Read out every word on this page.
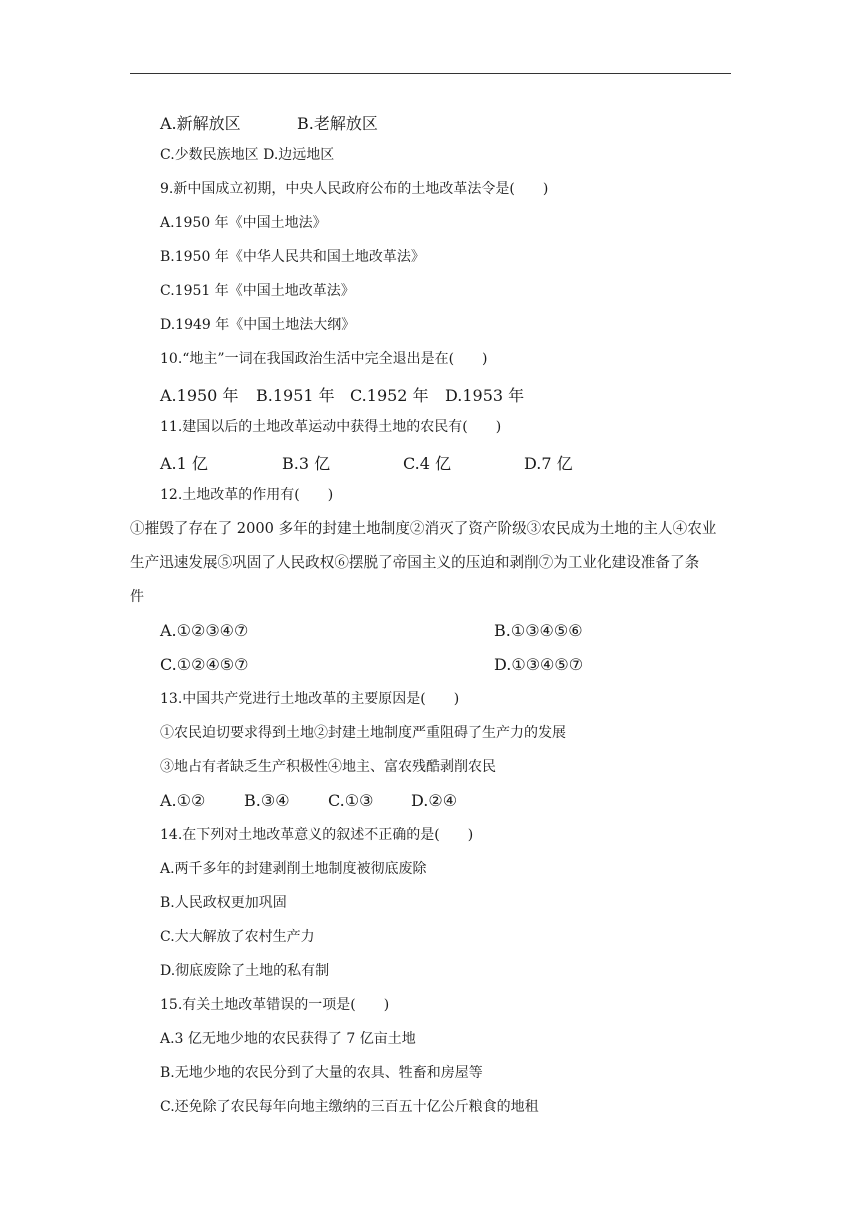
A.新解放区	B.老解放区
C.少数民族地区 D.边远地区
9.新中国成立初期，中央人民政府公布的土地改革法令是(　　)
A.1950 年《中国土地法》
B.1950 年《中华人民共和国土地改革法》
C.1951 年《中国土地改革法》
D.1949 年《中国土地法大纲》
10.“地主”一词在我国政治生活中完全退出是在(　　)
A.1950 年 B.1951 年 C.1952 年 D.1953 年
11.建国以后的土地改革运动中获得土地的农民有(　　)
A.1 亿	B.3 亿	C.4 亿	D.7 亿
12.土地改革的作用有(　　)
①摧毁了存在了 2000 多年的封建土地制度②消灭了资产阶级③农民成为土地的主人④农业
生产迅速发展⑤巩固了人民政权⑥摆脱了帝国主义的压迫和剥削⑦为工业化建设准备了条
件
A.①②③④⑦	B.①③④⑤⑥
C.①②④⑤⑦	D.①③④⑤⑦
13.中国共产党进行土地改革的主要原因是(　　)
①农民迫切要求得到土地②封建土地制度严重阻碍了生产力的发展
③地占有者缺乏生产积极性④地主、富农残酷剥削农民
A.①② B.③④ C.①③ D.②④
14.在下列对土地改革意义的叙述不正确的是(　　)
A.两千多年的封建剥削土地制度被彻底废除
B.人民政权更加巩固
C.大大解放了农村生产力
D.彻底废除了土地的私有制
15.有关土地改革错误的一项是(　　)
A.3 亿无地少地的农民获得了 7 亿亩土地
B.无地少地的农民分到了大量的农具、牲畜和房屋等
C.还免除了农民每年向地主缴纳的三百五十亿公斤粮食的地租
